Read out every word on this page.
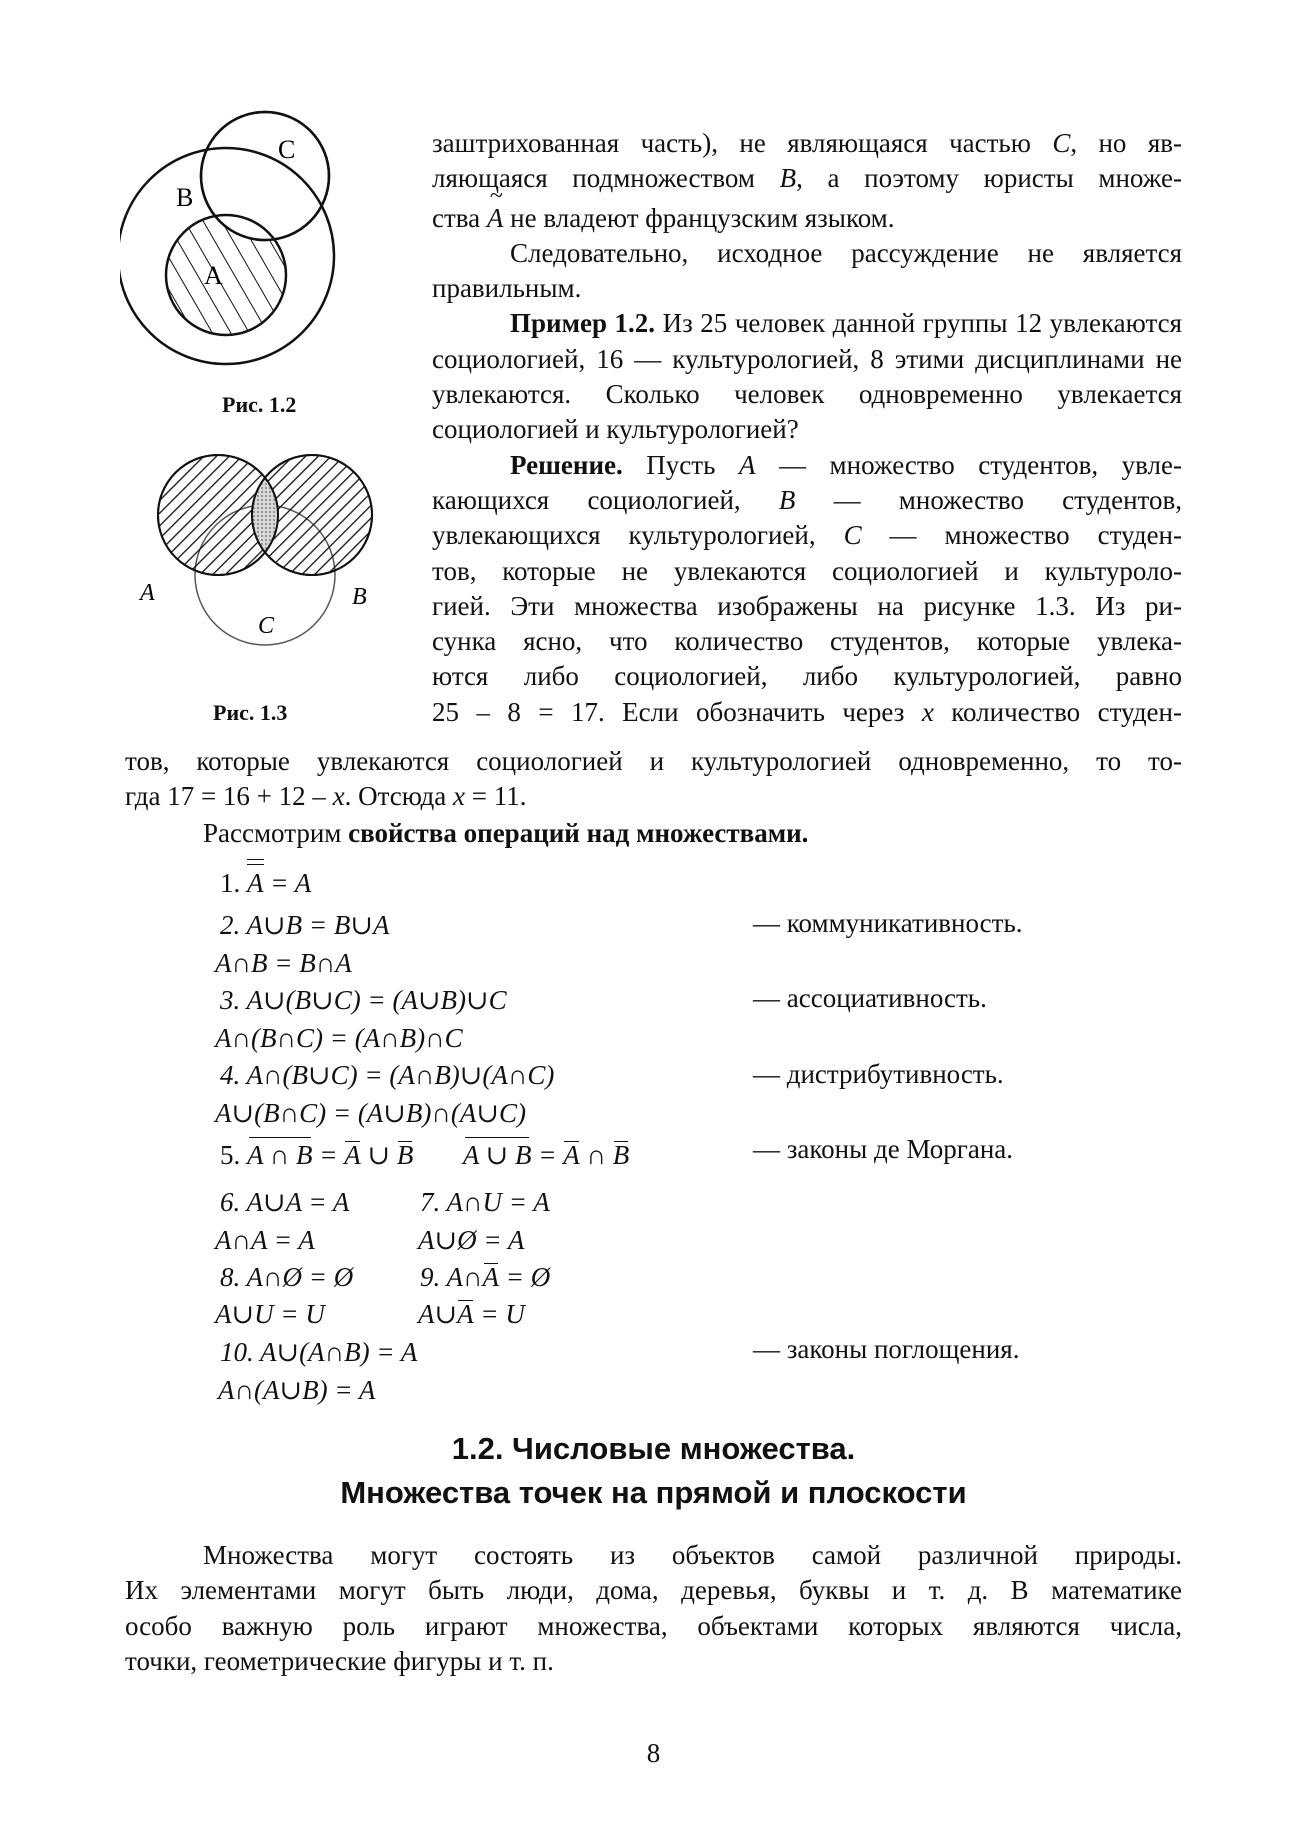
B
C
A
Рис. 1.2
A	B
C
Рис. 1.3
заштрихованная часть), не являющаяся частью C, но яв-
ляющаяся подмножеством B, а поэтому юристы множе-
ства ~ A не владеют французским языком.
Следовательно, исходное рассуждение не является правильным.
Пример 1.2. Из 25 человек данной группы 12 увлекаются социологией, 16 — культурологией, 8 этими дисциплинами не увлекаются. Сколько человек одновременно увлекается социологией и культурологией?
Решение. Пусть A — множество студентов, увле-
кающихся социологией, B — множество студентов,
увлекающихся культурологией, C — множество студен-
тов, которые не увлекаются социологией и культуроло-
гией. Эти множества изображены на рисунке 1.3. Из ри-
сунка ясно, что количество студентов, которые увлека-
ются либо социологией, либо культурологией, равно
25 – 8 = 17. Если обозначить через x количество студен-
тов, которые увлекаются социологией и культурологией одновременно, то то-
гда 17 = 16 + 12 – x. Отсюда x = 11.
Рассмотрим свойства операций над множествами.
1. A = A
2. A∪B = B∪A
A∩B = B∩A
— коммуникативность.
3. A∪(B∪C) = (A∪B)∪C
A∩(B∩C) = (A∩B)∩C
— ассоциативность.
4. A∩(B∪C) = (A∩B)∪(A∩C)
A∪(B∩C) = (A∪B)∩(A∪C)
— дистрибутивность.
5. A ∩ B = A ∪ B A ∪ B = A ∩ B	— законы де Моргана.
6. A∪A = A
A∩A = A
7. A∩U = A
A∪Ø = A
8. A∩Ø = Ø
A∪U = U
9. A∩A = Ø
A∪A = U
10. A∪(A∩B) = A
A∩(A∪B) = A
— законы поглощения.
1.2. Числовые множества.
Множества точек на прямой и плоскости
Множества могут состоять из объектов самой различной природы.
Их элементами могут быть люди, дома, деревья, буквы и т. д. В математике
особо важную роль играют множества, объектами которых являются числа,
точки, геометрические фигуры и т. п.
8
